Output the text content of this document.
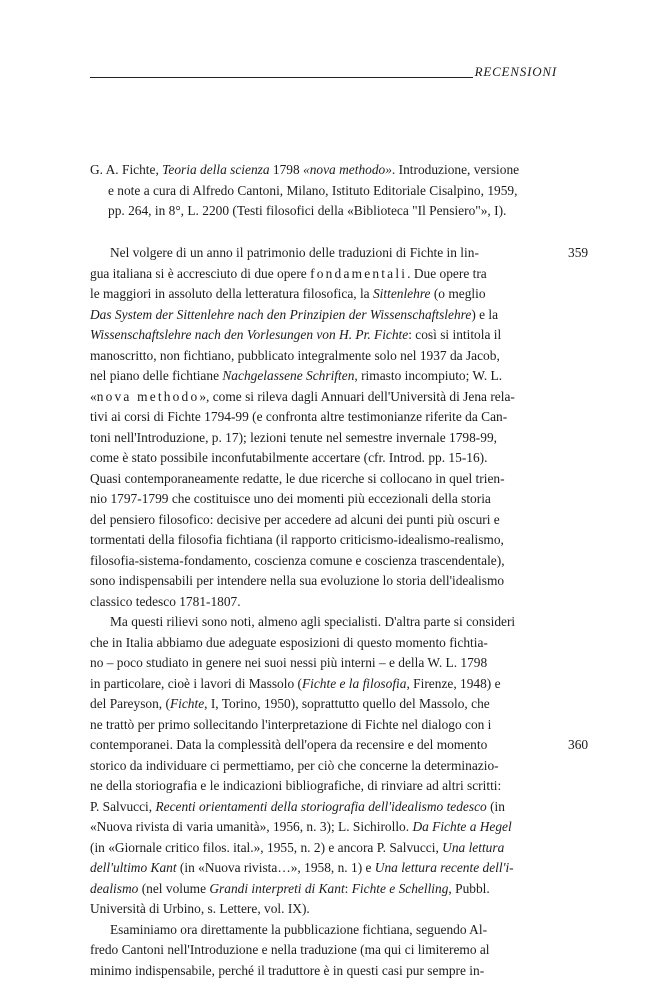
RECENSIONI
G. A. Fichte, Teoria della scienza 1798 «nova methodo». Introduzione, versione
e note a cura di Alfredo Cantoni, Milano, Istituto Editoriale Cisalpino, 1959,
pp. 264, in 8°, L. 2200 (Testi filosofici della «Biblioteca "Il Pensiero"», I).
Nel volgere di un anno il patrimonio delle traduzioni di Fichte in lin-
gua italiana si è accresciuto di due opere fondamentali. Due opere tra
le maggiori in assoluto della letteratura filosofica, la Sittenlehre (o meglio
Das System der Sittenlehre nach den Prinzipien der Wissenschaftslehre) e la
Wissenschaftslehre nach den Vorlesungen von H. Pr. Fichte: così si intitola il
manoscritto, non fichtiano, pubblicato integralmente solo nel 1937 da Jacob,
nel piano delle fichtiane Nachgelassene Schriften, rimasto incompiuto; W. L.
«nova methodo», come si rileva dagli Annuari dell'Università di Jena rela-
tivi ai corsi di Fichte 1794-99 (e confronta altre testimonianze riferite da Can-
toni nell'Introduzione, p. 17); lezioni tenute nel semestre invernale 1798-99,
come è stato possibile inconfutabilmente accertare (cfr. Introd. pp. 15-16).
Quasi contemporaneamente redatte, le due ricerche si collocano in quel trien-
nio 1797-1799 che costituisce uno dei momenti più eccezionali della storia
del pensiero filosofico: decisive per accedere ad alcuni dei punti più oscuri e
tormentati della filosofia fichtiana (il rapporto criticismo-idealismo-realismo,
filosofia-sistema-fondamento, coscienza comune e coscienza trascendentale),
sono indispensabili per intendere nella sua evoluzione lo storia dell'idealismo
classico tedesco 1781-1807.
Ma questi rilievi sono noti, almeno agli specialisti. D'altra parte si consideri
che in Italia abbiamo due adeguate esposizioni di questo momento fichtia-
no – poco studiato in genere nei suoi nessi più interni – e della W. L. 1798
in particolare, cioè i lavori di Massolo (Fichte e la filosofia, Firenze, 1948) e
del Pareyson, (Fichte, I, Torino, 1950), soprattutto quello del Massolo, che
ne trattò per primo sollecitando l'interpretazione di Fichte nel dialogo con i
contemporanei. Data la complessità dell'opera da recensire e del momento
storico da individuare ci permettiamo, per ciò che concerne la determinazio-
ne della storiografia e le indicazioni bibliografiche, di rinviare ad altri scritti:
P. Salvucci, Recenti orientamenti della storiografia dell'idealismo tedesco (in
«Nuova rivista di varia umanità», 1956, n. 3); L. Sichirollo. Da Fichte a Hegel
(in «Giornale critico filos. ital.», 1955, n. 2) e ancora P. Salvucci, Una lettura
dell'ultimo Kant (in «Nuova rivista…», 1958, n. 1) e Una lettura recente dell'i-
dealismo (nel volume Grandi interpreti di Kant: Fichte e Schelling, Pubbl.
Università di Urbino, s. Lettere, vol. IX).
Esaminiamo ora direttamente la pubblicazione fichtiana, seguendo Al-
fredo Cantoni nell'Introduzione e nella traduzione (ma qui ci limiteremo al
minimo indispensabile, perché il traduttore è in questi casi pur sempre in-
359
360
